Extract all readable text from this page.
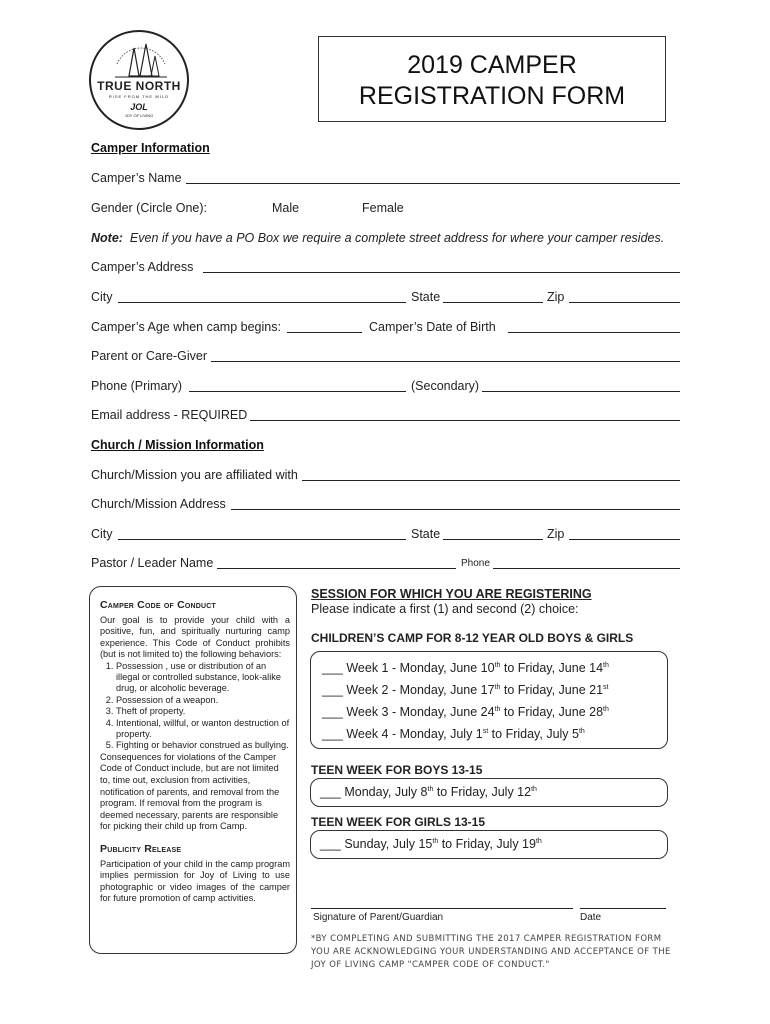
TRUE NORTH
RISE FROM THE WILD
JOL
JOY OF LIVING
2019 CAMPER
REGISTRATION FORM
Camper Information
Camper’s Name
Gender (Circle One):	Male	Female
Note: Even if you have a PO Box we require a complete street address for where your camper resides.
Camper’s Address
City	State	Zip
Camper’s Age when camp begins:	Camper’s Date of Birth
Parent or Care-Giver
Phone (Primary)	(Secondary)
Email address - REQUIRED
Church / Mission Information
Church/Mission you are affiliated with
Church/Mission Address
City	State	Zip
Pastor / Leader Name	Phone
Camper Code of Conduct
Our goal is to provide your child with a positive, fun, and spiritually nurturing camp experience. This Code of Conduct prohibits (but is not limited to) the following behaviors:
1. Possession , use or distribution of an illegal or controlled substance, look-alike drug, or alcoholic beverage.
2. Possession of a weapon.
3. Theft of property.
4. Intentional, willful, or wanton destruction of property.
5. Fighting or behavior construed as bullying.
Consequences for violations of the Camper Code of Conduct include, but are not limited to, time out, exclusion from activities, notification of parents, and removal from the program. If removal from the program is deemed necessary, parents are responsible for picking their child up from Camp.
Publicity Release
Participation of your child in the camp program implies permission for Joy of Living to use photographic or video images of the camper for future promotion of camp activities.
SESSION FOR WHICH YOU ARE REGISTERING
Please indicate a first (1) and second (2) choice:
CHILDREN’S CAMP FOR 8-12 YEAR OLD BOYS & GIRLS
___ Week 1 - Monday, June 10th to Friday, June 14th
___ Week 2 - Monday, June 17th to Friday, June 21st
___ Week 3 - Monday, June 24th to Friday, June 28th
___ Week 4 - Monday, July 1st to Friday, July 5th
TEEN WEEK FOR BOYS 13-15
___ Monday, July 8th to Friday, July 12th
TEEN WEEK FOR GIRLS 13-15
___ Sunday, July 15th to Friday, July 19th
Signature of Parent/Guardian	Date
*BY COMPLETING AND SUBMITTING THE 2017 CAMPER REGISTRATION FORM YOU ARE ACKNOWLEDGING YOUR UNDERSTANDING AND ACCEPTANCE OF THE JOY OF LIVING CAMP "CAMPER CODE OF CONDUCT."
